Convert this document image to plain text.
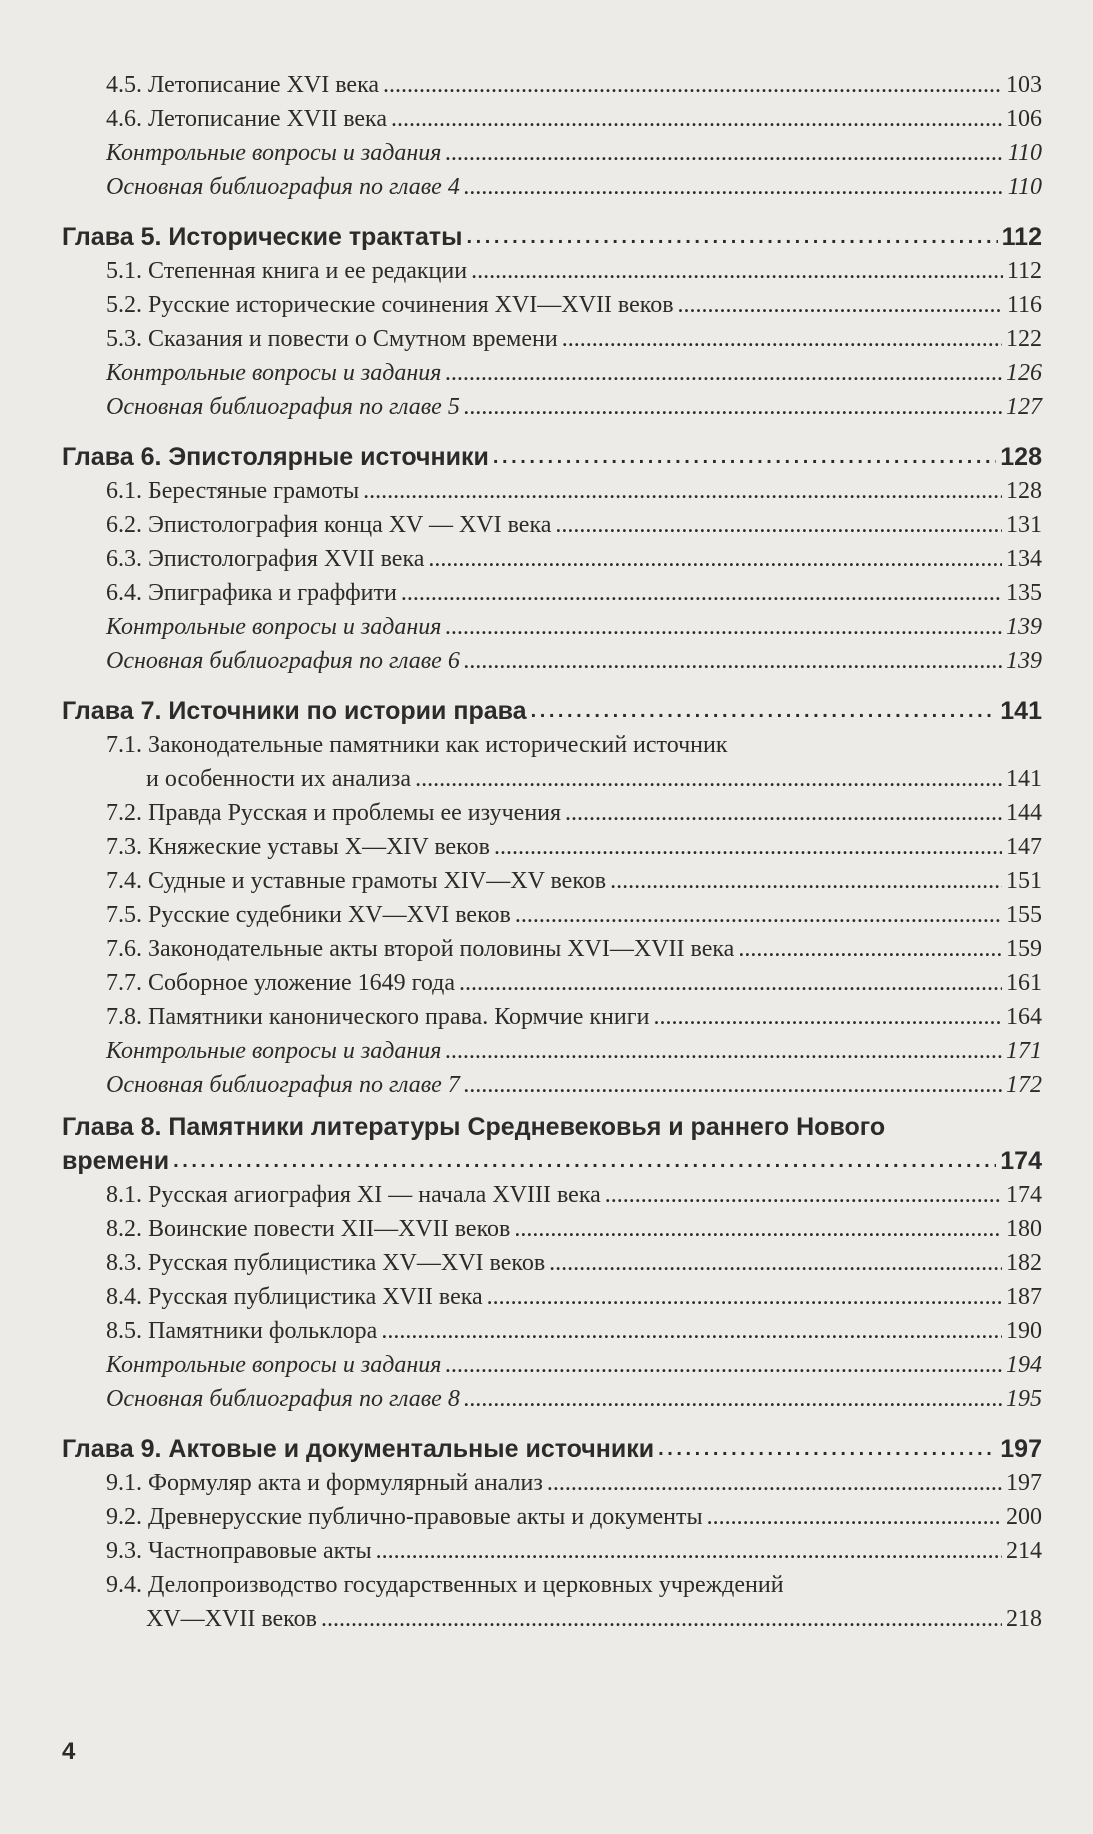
4.5. Летописание XVI века . . .	103
4.6. Летописание XVII века . . .	106
Контрольные вопросы и задания . . .	110
Основная библиография по главе 4 . . .	110
Глава 5. Исторические трактаты . . .	112
5.1. Степенная книга и ее редакции . . .	112
5.2. Русские исторические сочинения XVI—XVII веков . . .	116
5.3. Сказания и повести о Смутном времени . . .	122
Контрольные вопросы и задания . . .	126
Основная библиография по главе 5 . . .	127
Глава 6. Эпистолярные источники . . .	128
6.1. Берестяные грамоты . . .	128
6.2. Эпистолография конца XV — XVI века . . .	131
6.3. Эпистолография XVII века . . .	134
6.4. Эпиграфика и граффити . . .	135
Контрольные вопросы и задания . . .	139
Основная библиография по главе 6 . . .	139
Глава 7. Источники по истории права . . .	141
7.1. Законодательные памятники как исторический источник
и особенности их анализа . . .	141
7.2. Правда Русская и проблемы ее изучения . . .	144
7.3. Княжеские уставы X—XIV веков . . .	147
7.4. Судные и уставные грамоты XIV—XV веков . . .	151
7.5. Русские судебники XV—XVI веков . . .	155
7.6. Законодательные акты второй половины XVI—XVII века . . .	159
7.7. Соборное уложение 1649 года . . .	161
7.8. Памятники канонического права. Кормчие книги . . .	164
Контрольные вопросы и задания . . .	171
Основная библиография по главе 7 . . .	172
Глава 8. Памятники литературы Средневековья и раннего Нового
времени . . .	174
8.1. Русская агиография XI — начала XVIII века . . .	174
8.2. Воинские повести XII—XVII веков . . .	180
8.3. Русская публицистика XV—XVI веков . . .	182
8.4. Русская публицистика XVII века . . .	187
8.5. Памятники фольклора . . .	190
Контрольные вопросы и задания . . .	194
Основная библиография по главе 8 . . .	195
Глава 9. Актовые и документальные источники . . .	197
9.1. Формуляр акта и формулярный анализ . . .	197
9.2. Древнерусские публично-правовые акты и документы . . .	200
9.3. Частноправовые акты . . .	214
9.4. Делопроизводство государственных и церковных учреждений
XV—XVII веков . . .	218
4
